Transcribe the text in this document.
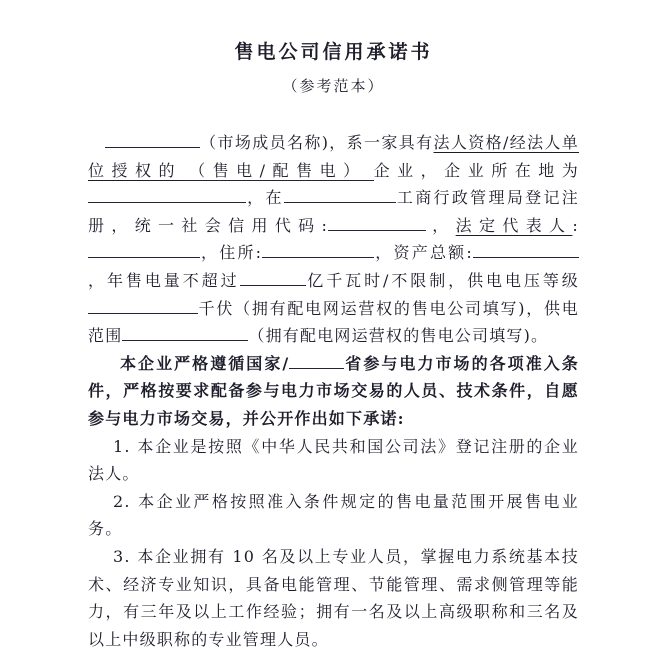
售电公司信用承诺书
（参考范本）
（市场成员名称)，系一家具有法人资格/经法人单位授权的 （售电/配售电） 企业，企业所在地为，在	工商行政管理局登记注册，统一社会信用代码:	，法定代表人:，住所:	，资产总额:，年售电量不超过	亿千瓦时/不限制，供电电压等级千伏（拥有配电网运营权的售电公司填写)，供电范围	（拥有配电网运营权的售电公司填写)。
本企业严格遵循国家/	省参与电力市场的各项准入条件，严格按要求配备参与电力市场交易的人员、技术条件，自愿参与电力市场交易，并公开作出如下承诺:
1. 本企业是按照《中华人民共和国公司法》登记注册的企业法人。
2. 本企业严格按照准入条件规定的售电量范围开展售电业务。
3. 本企业拥有 10 名及以上专业人员，掌握电力系统基本技术、经济专业知识，具备电能管理、节能管理、需求侧管理等能力，有三年及以上工作经验；拥有一名及以上高级职称和三名及以上中级职称的专业管理人员。
